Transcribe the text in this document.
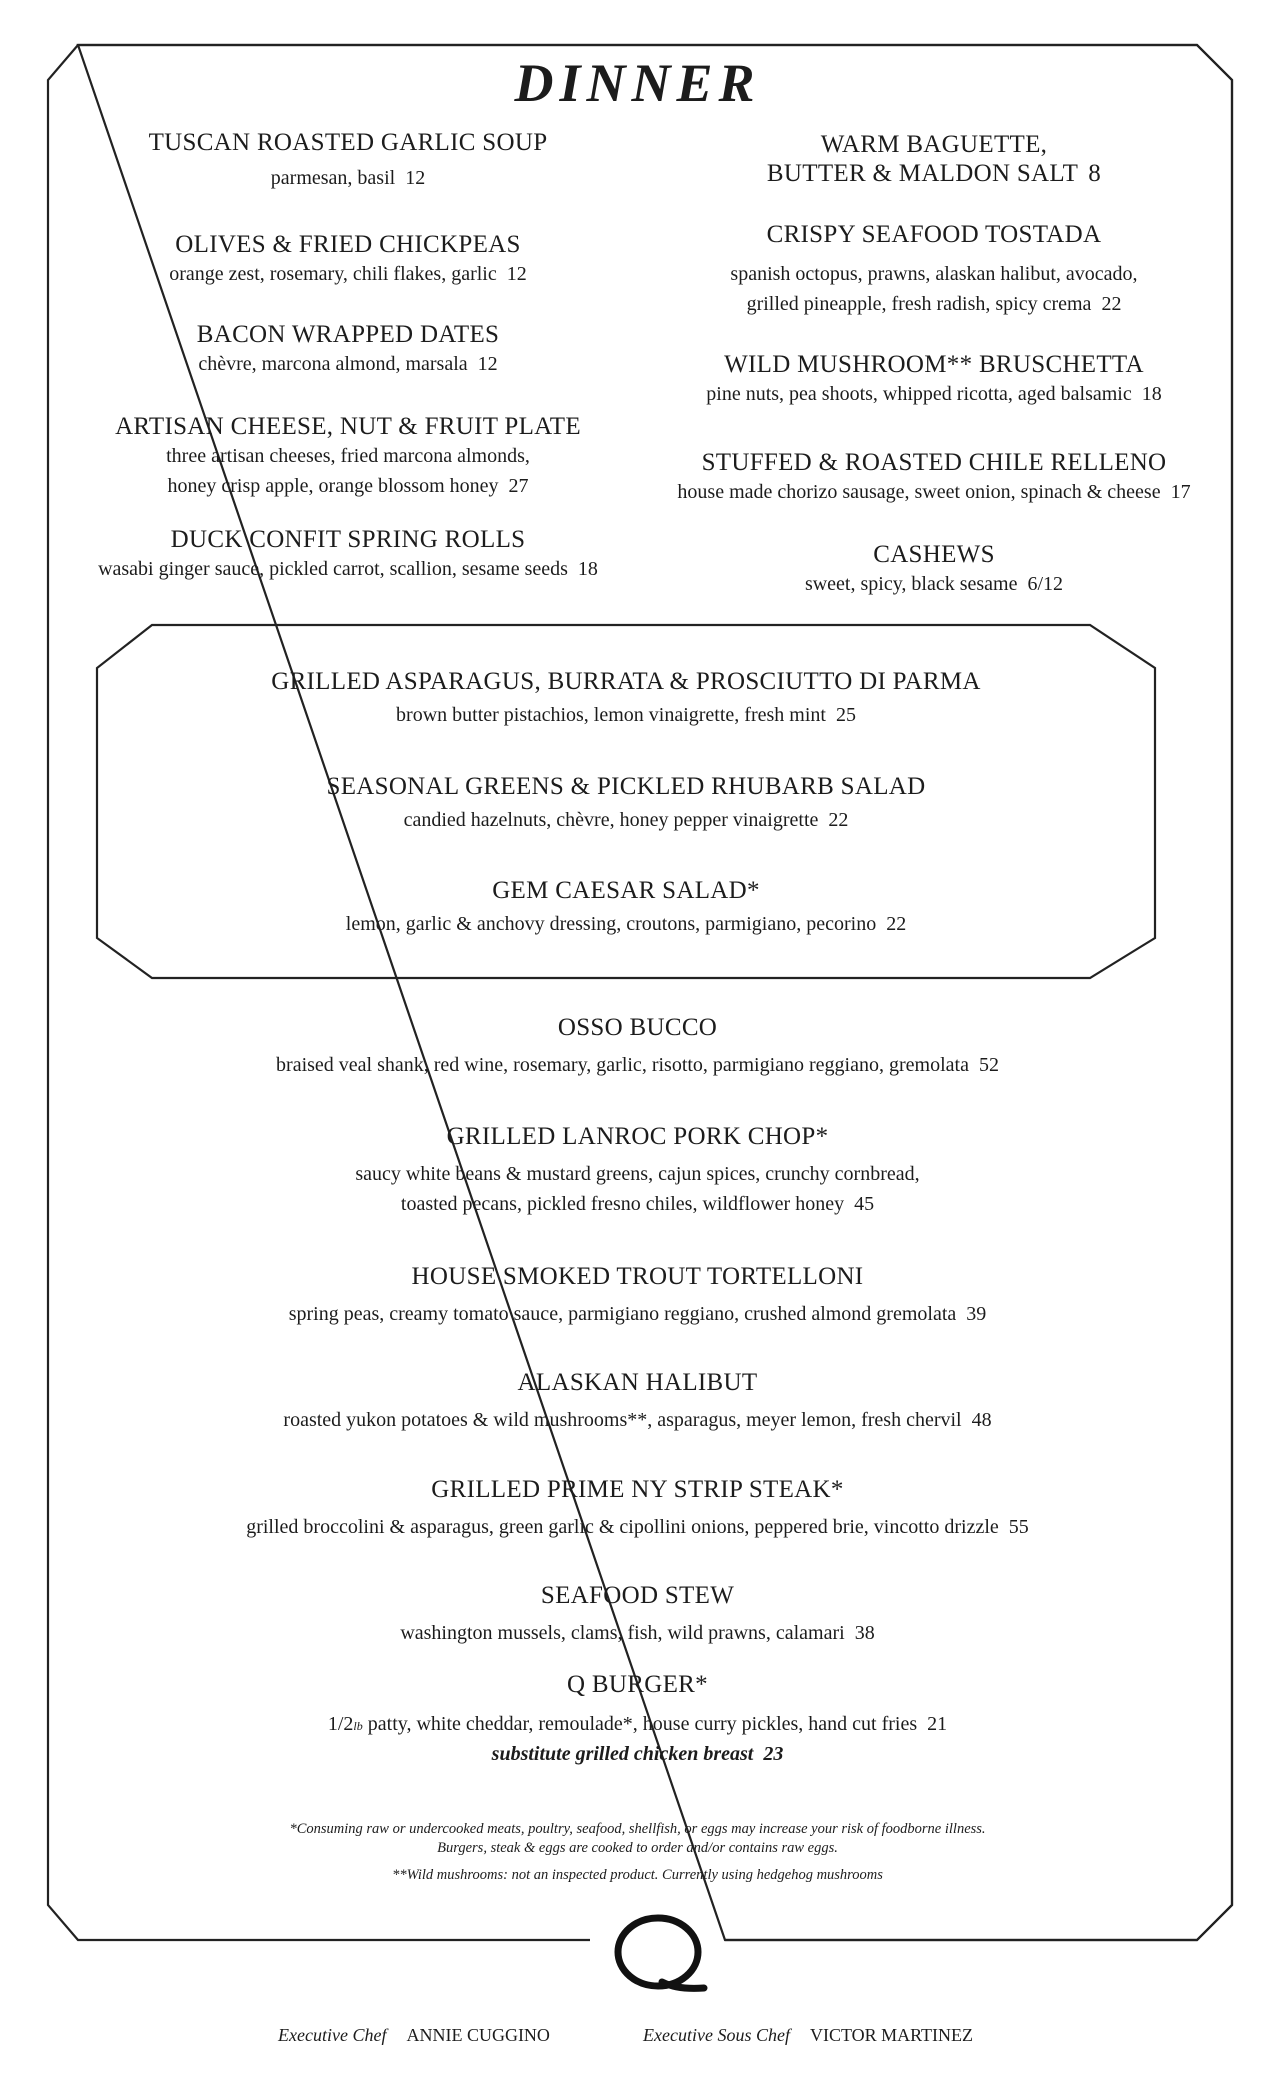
DINNER
Q BURGER*
1/2lb patty, white cheddar, remoulade*, house curry pickles, hand cut fries 21
substitute grilled chicken breast 23
*Consuming raw or undercooked meats, poultry, seafood, shellfish, or eggs may increase your risk of foodborne illness.
Burgers, steak & eggs are cooked to order and/or contains raw eggs.
**Wild mushrooms: not an inspected product. Currently using hedgehog mushrooms
Executive Chef ANNIE CUGGINO	Executive Sous Chef VICTOR MARTINEZ
TUSCAN ROASTED GARLIC SOUP
parmesan, basil 12
OLIVES & FRIED CHICKPEAS
orange zest, rosemary, chili flakes, garlic 12
BACON WRAPPED DATES
chèvre, marcona almond, marsala 12
ARTISAN CHEESE, NUT & FRUIT PLATE
three artisan cheeses, fried marcona almonds,
honey crisp apple, orange blossom honey 27
DUCK CONFIT SPRING ROLLS
wasabi ginger sauce, pickled carrot, scallion, sesame seeds 18
WARM BAGUETTE,
BUTTER & MALDON SALT 8
CRISPY SEAFOOD TOSTADA
spanish octopus, prawns, alaskan halibut, avocado,
grilled pineapple, fresh radish, spicy crema 22
WILD MUSHROOM** BRUSCHETTA
pine nuts, pea shoots, whipped ricotta, aged balsamic 18
STUFFED & ROASTED CHILE RELLENO
house made chorizo sausage, sweet onion, spinach & cheese 17
CASHEWS
sweet, spicy, black sesame 6/12
GRILLED ASPARAGUS, BURRATA & PROSCIUTTO DI PARMA
brown butter pistachios, lemon vinaigrette, fresh mint 25
SEASONAL GREENS & PICKLED RHUBARB SALAD
candied hazelnuts, chèvre, honey pepper vinaigrette 22
GEM CAESAR SALAD*
lemon, garlic & anchovy dressing, croutons, parmigiano, pecorino 22
OSSO BUCCO
braised veal shank, red wine, rosemary, garlic, risotto, parmigiano reggiano, gremolata 52
GRILLED LANROC PORK CHOP*
saucy white beans & mustard greens, cajun spices, crunchy cornbread,
toasted pecans, pickled fresno chiles, wildflower honey 45
HOUSE SMOKED TROUT TORTELLONI
spring peas, creamy tomato sauce, parmigiano reggiano, crushed almond gremolata 39
ALASKAN HALIBUT
roasted yukon potatoes & wild mushrooms**, asparagus, meyer lemon, fresh chervil 48
GRILLED PRIME NY STRIP STEAK*
grilled broccolini & asparagus, green garlic & cipollini onions, peppered brie, vincotto drizzle 55
SEAFOOD STEW
washington mussels, clams, fish, wild prawns, calamari 38
